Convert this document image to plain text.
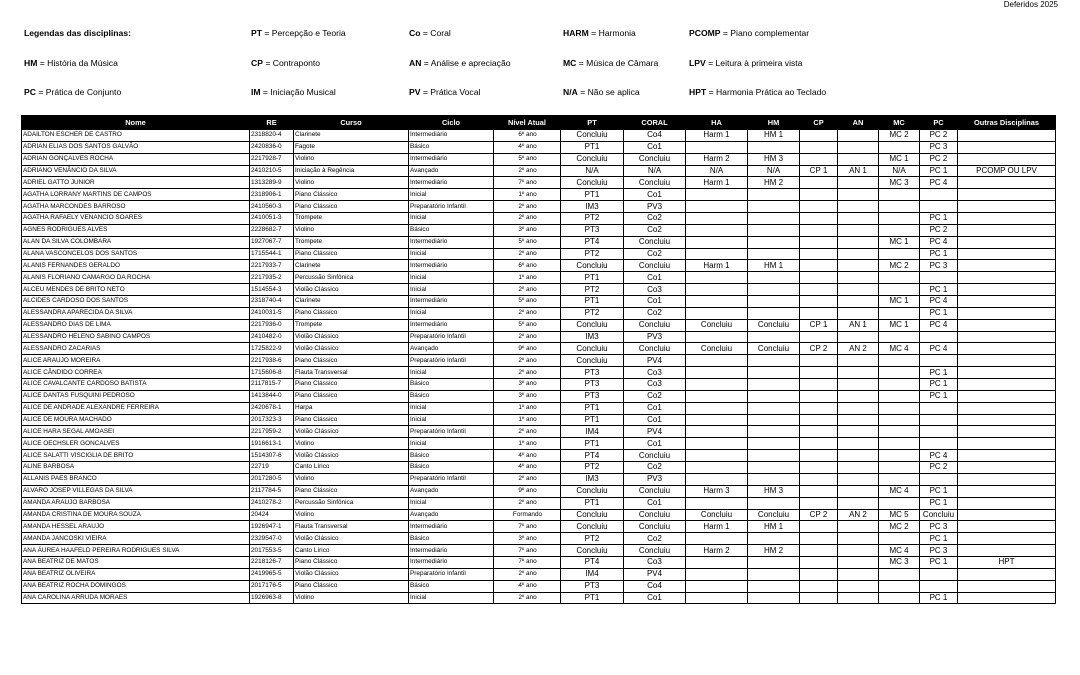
Deferidos 2025
Legendas das disciplinas:	PT = Percepção e Teoria	Co = Coral	HARM = Harmonia	PCOMP = Piano complementar
HM = História da Música	CP = Contraponto	AN = Análise e apreciação	MC = Música de Câmara	LPV = Leitura à primeira vista
PC = Prática de Conjunto	IM = Iniciação Musical	PV = Prática Vocal	N/A = Não se aplica	HPT = Harmonia Prática ao Teclado
Nome	RE	Curso	Ciclo	Nível Atual	PT	CORAL	HA	HM	CP	AN	MC	PC	Outras Disciplinas
ADAILTON ESCHER DE CASTRO	2318820-4	Clarinete	Intermediário	6º ano	Concluiu	Co4	Harm 1	HM 1			MC 2	PC 2	
ADRIAN ELIAS DOS SANTOS GALVÃO	2420836-0	Fagote	Básico	4º ano	PT1	Co1						PC 3	
ADRIAN GONÇALVES ROCHA	2217928-7	Violino	Intermediário	5º ano	Concluiu	Concluiu	Harm 2	HM 3			MC 1	PC 2	
ADRIANO VENÂNCIO DA SILVA	2410210-5	Iniciação à Regência	Avançado	2º ano	N/A	N/A	N/A	N/A	CP 1	AN 1	N/A	PC 1	PCOMP OU LPV
ADRIEL GATTO JUNIOR	1313289-9	Violino	Intermediário	7º ano	Concluiu	Concluiu	Harm 1	HM 2			MC 3	PC 4	
AGATHA LORRANY MARTINS DE CAMPOS	2318906-1	Piano Clássico	Inicial	1º ano	PT1	Co1							
AGATHA MARCONDES BARROSO	2410560-3	Piano Clássico	Preparatório Infantil	2º ano	IM3	PV3							
AGATHA RAFAELY VENANCIO SOARES	2410051-3	Trompete	Inicial	2º ano	PT2	Co2						PC 1	
AGNES RODRIGUES ALVES	2228682-7	Violino	Básico	3º ano	PT3	Co2						PC 2	
ALAN DA SILVA COLOMBARA	1927067-7	Trompete	Intermediário	5º ano	PT4	Concluiu					MC 1	PC 4	
ALANA VASCONCELOS DOS SANTOS	1715544-1	Piano Clássico	Inicial	2º ano	PT2	Co2						PC 1	
ALANIS FERNANDES GERALDO	2217933-7	Clarinete	Intermediário	6º ano	Concluiu	Concluiu	Harm 1	HM 1			MC 2	PC 3	
ALANIS FLORIANO CAMARGO DA ROCHA	2217935-2	Percussão Sinfônica	Inicial	1º ano	PT1	Co1							
ALCEU MENDES DE BRITO NETO	1514554-3	Violão Clássico	Inicial	2º ano	PT2	Co3						PC 1	
ALCIDES CARDOSO DOS SANTOS	2318740-4	Clarinete	Intermediário	5º ano	PT1	Co1					MC 1	PC 4	
ALESSANDRA APARECIDA DA SILVA	2410031-5	Piano Clássico	Inicial	2º ano	PT2	Co2						PC 1	
ALESSANDRO DIAS DE LIMA	2217936-0	Trompete	Intermediário	5º ano	Concluiu	Concluiu	Concluiu	Concluiu	CP 1	AN 1	MC 1	PC 4	
ALESSANDRO HELENO SABINO CAMPOS	2410482-0	Violão Clássico	Preparatório Infantil	2º ano	IM3	PV3							
ALESSANDRO ZACARIAS	1725822-9	Violão Clássico	Avançado	9º ano	Concluiu	Concluiu	Concluiu	Concluiu	CP 2	AN 2	MC 4	PC 4	
ALICE ARAUJO MOREIRA	2217938-6	Piano Clássico	Preparatório Infantil	2º ano	Concluiu	PV4							
ALICE CÂNDIDO CORREA	1715606-8	Flauta Transversal	Inicial	2º ano	PT3	Co3						PC 1	
ALICE CAVALCANTE CARDOSO BATISTA	2117815-7	Piano Clássico	Básico	3º ano	PT3	Co3						PC 1	
ALICE DANTAS FUSQUINI PEDROSO	1413844-0	Piano Clássico	Básico	3º ano	PT3	Co2						PC 1	
ALICE DE ANDRADE ALEXANDRE FERREIRA	2420678-1	Harpa	Inicial	1º ano	PT1	Co1							
ALICE DE MOURA MACHADO	2017323-3	Piano Clássico	Inicial	1º ano	PT1	Co1							
ALICE HARA SEGAL AMOASEI	2217959-2	Violão Clássico	Preparatório Infantil	2º ano	IM4	PV4							
ALICE OECHSLER GONCALVES	1916613-1	Violino	Inicial	1º ano	PT1	Co1							
ALICE SALATTI VISCIGLIA DE BRITO	1514307-6	Violão Clássico	Básico	4º ano	PT4	Concluiu						PC 4	
ALINE BARBOSA	22719	Canto Lírico	Básico	4º ano	PT2	Co2						PC 2	
ALLANIS PAES BRANCO	2017280-5	Violino	Preparatório Infantil	2º ano	IM3	PV3							
ALVARO JOSEP VILLEGAS DA SILVA	2117784-5	Piano Clássico	Avançado	9º ano	Concluiu	Concluiu	Harm 3	HM 3			MC 4	PC 1	
AMANDA ARAUJO BARBOSA	2410278-2	Percussão Sinfônica	Inicial	2º ano	PT1	Co1						PC 1	
AMANDA CRISTINA DE MOURA SOUZA	20424	Violino	Avançado	Formando	Concluiu	Concluiu	Concluiu	Concluiu	CP 2	AN 2	MC 5	Concluiu	
AMANDA HESSEL ARAUJO	1926947-1	Flauta Transversal	Intermediário	7º ano	Concluiu	Concluiu	Harm 1	HM 1			MC 2	PC 3	
AMANDA JANCOSKI VIEIRA	2329547-0	Violão Clássico	Básico	3º ano	PT2	Co2						PC 1	
ANA ÁUREA HAAFELD PEREIRA RODRIGUES SILVA	2017553-5	Canto Lírico	Intermediário	7º ano	Concluiu	Concluiu	Harm 2	HM 2			MC 4	PC 3	
ANA BEATRIZ DE MATOS	2218126-7	Piano Clássico	Intermediário	7º ano	PT4	Co3					MC 3	PC 1	HPT
ANA BEATRIZ OLIVEIRA	2419965-5	Violão Clássico	Preparatório Infantil	2º ano	IM4	PV4							
ANA BEATRIZ ROCHA DOMINGOS	2017176-5	Piano Clássico	Básico	4º ano	PT3	Co4							
ANA CAROLINA ARRUDA MORAES	1926963-8	Violino	Inicial	2º ano	PT1	Co1						PC 1	
